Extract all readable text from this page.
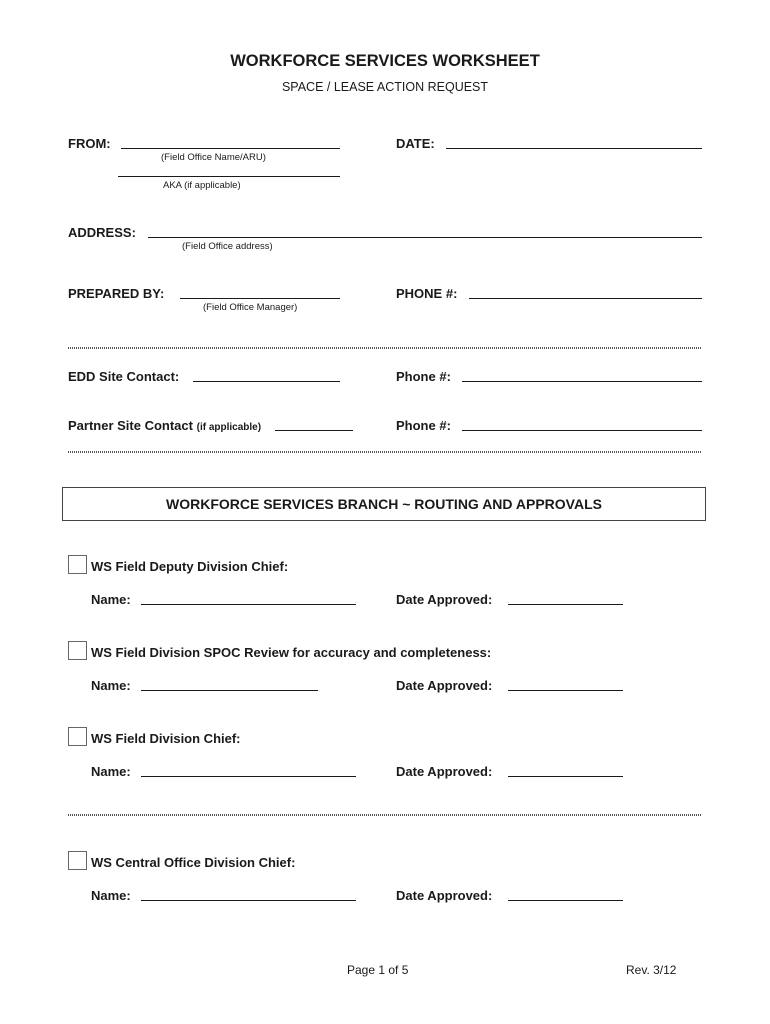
WORKFORCE SERVICES WORKSHEET
SPACE / LEASE ACTION REQUEST
FROM:
(Field Office Name/ARU)
AKA (if applicable)
DATE:
ADDRESS:
(Field Office address)
PREPARED BY:
(Field Office Manager)
PHONE #:
EDD Site Contact:	Phone #:
Partner Site Contact (if applicable)	Phone #:
WORKFORCE SERVICES BRANCH ~ ROUTING AND APPROVALS
WS Field Deputy Division Chief:
Name:	Date Approved:
WS Field Division SPOC Review for accuracy and completeness:
Name:	Date Approved:
WS Field Division Chief:
Name:	Date Approved:
WS Central Office Division Chief:
Name:	Date Approved:
Page 1 of 5	Rev. 3/12
